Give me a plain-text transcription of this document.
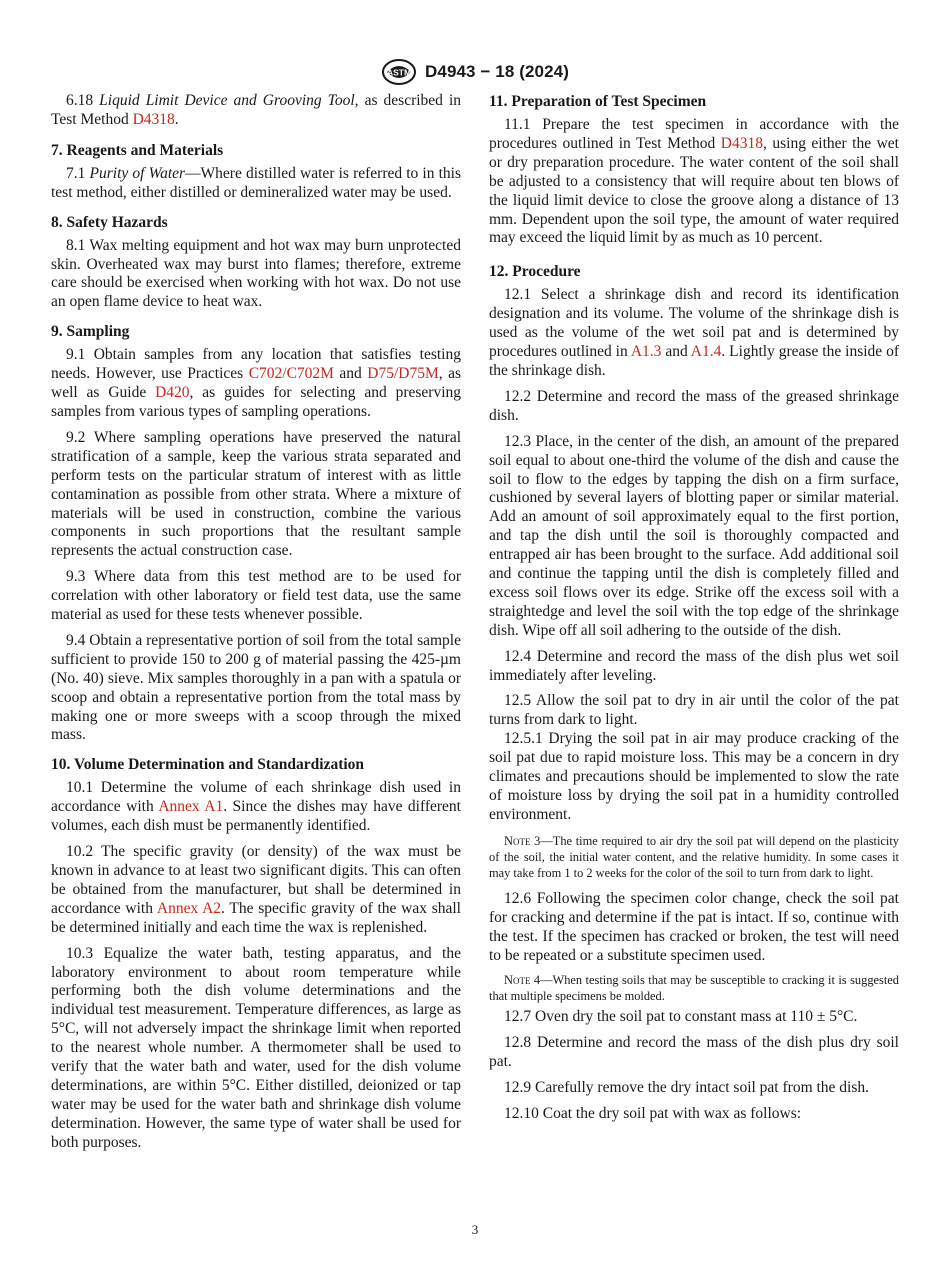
ASTM D4943 − 18 (2024)

6.18 Liquid Limit Device and Grooving Tool, as described in Test Method D4318.

7. Reagents and Materials

7.1 Purity of Water—Where distilled water is referred to in this test method, either distilled or demineralized water may be used.

8. Safety Hazards

8.1 Wax melting equipment and hot wax may burn unprotected skin. Overheated wax may burst into flames; therefore, extreme care should be exercised when working with hot wax. Do not use an open flame device to heat wax.

9. Sampling

9.1 Obtain samples from any location that satisfies testing needs. However, use Practices C702/C702M and D75/D75M, as well as Guide D420, as guides for selecting and preserving samples from various types of sampling operations.

9.2 Where sampling operations have preserved the natural stratification of a sample, keep the various strata separated and perform tests on the particular stratum of interest with as little contamination as possible from other strata. Where a mixture of materials will be used in construction, combine the various components in such proportions that the resultant sample represents the actual construction case.

9.3 Where data from this test method are to be used for correlation with other laboratory or field test data, use the same material as used for these tests whenever possible.

9.4 Obtain a representative portion of soil from the total sample sufficient to provide 150 to 200 g of material passing the 425-µm (No. 40) sieve. Mix samples thoroughly in a pan with a spatula or scoop and obtain a representative portion from the total mass by making one or more sweeps with a scoop through the mixed mass.

10. Volume Determination and Standardization

10.1 Determine the volume of each shrinkage dish used in accordance with Annex A1. Since the dishes may have different volumes, each dish must be permanently identified.

10.2 The specific gravity (or density) of the wax must be known in advance to at least two significant digits. This can often be obtained from the manufacturer, but shall be determined in accordance with Annex A2. The specific gravity of the wax shall be determined initially and each time the wax is replenished.

10.3 Equalize the water bath, testing apparatus, and the laboratory environment to about room temperature while performing both the dish volume determinations and the individual test measurement. Temperature differences, as large as 5°C, will not adversely impact the shrinkage limit when reported to the nearest whole number. A thermometer shall be used to verify that the water bath and water, used for the dish volume determinations, are within 5°C. Either distilled, deionized or tap water may be used for the water bath and shrinkage dish volume determination. However, the same type of water shall be used for both purposes.

11. Preparation of Test Specimen

11.1 Prepare the test specimen in accordance with the procedures outlined in Test Method D4318, using either the wet or dry preparation procedure. The water content of the soil shall be adjusted to a consistency that will require about ten blows of the liquid limit device to close the groove along a distance of 13 mm. Dependent upon the soil type, the amount of water required may exceed the liquid limit by as much as 10 percent.

12. Procedure

12.1 Select a shrinkage dish and record its identification designation and its volume. The volume of the shrinkage dish is used as the volume of the wet soil pat and is determined by procedures outlined in A1.3 and A1.4. Lightly grease the inside of the shrinkage dish.

12.2 Determine and record the mass of the greased shrinkage dish.

12.3 Place, in the center of the dish, an amount of the prepared soil equal to about one-third the volume of the dish and cause the soil to flow to the edges by tapping the dish on a firm surface, cushioned by several layers of blotting paper or similar material. Add an amount of soil approximately equal to the first portion, and tap the dish until the soil is thoroughly compacted and entrapped air has been brought to the surface. Add additional soil and continue the tapping until the dish is completely filled and excess soil flows over its edge. Strike off the excess soil with a straightedge and level the soil with the top edge of the shrinkage dish. Wipe off all soil adhering to the outside of the dish.

12.4 Determine and record the mass of the dish plus wet soil immediately after leveling.

12.5 Allow the soil pat to dry in air until the color of the pat turns from dark to light.

12.5.1 Drying the soil pat in air may produce cracking of the soil pat due to rapid moisture loss. This may be a concern in dry climates and precautions should be implemented to slow the rate of moisture loss by drying the soil pat in a humidity controlled environment.

Note 3—The time required to air dry the soil pat will depend on the plasticity of the soil, the initial water content, and the relative humidity. In some cases it may take from 1 to 2 weeks for the color of the soil to turn from dark to light.

12.6 Following the specimen color change, check the soil pat for cracking and determine if the pat is intact. If so, continue with the test. If the specimen has cracked or broken, the test will need to be repeated or a substitute specimen used.

Note 4—When testing soils that may be susceptible to cracking it is suggested that multiple specimens be molded.

12.7 Oven dry the soil pat to constant mass at 110 ± 5°C.

12.8 Determine and record the mass of the dish plus dry soil pat.

12.9 Carefully remove the dry intact soil pat from the dish.

12.10 Coat the dry soil pat with wax as follows:

3
